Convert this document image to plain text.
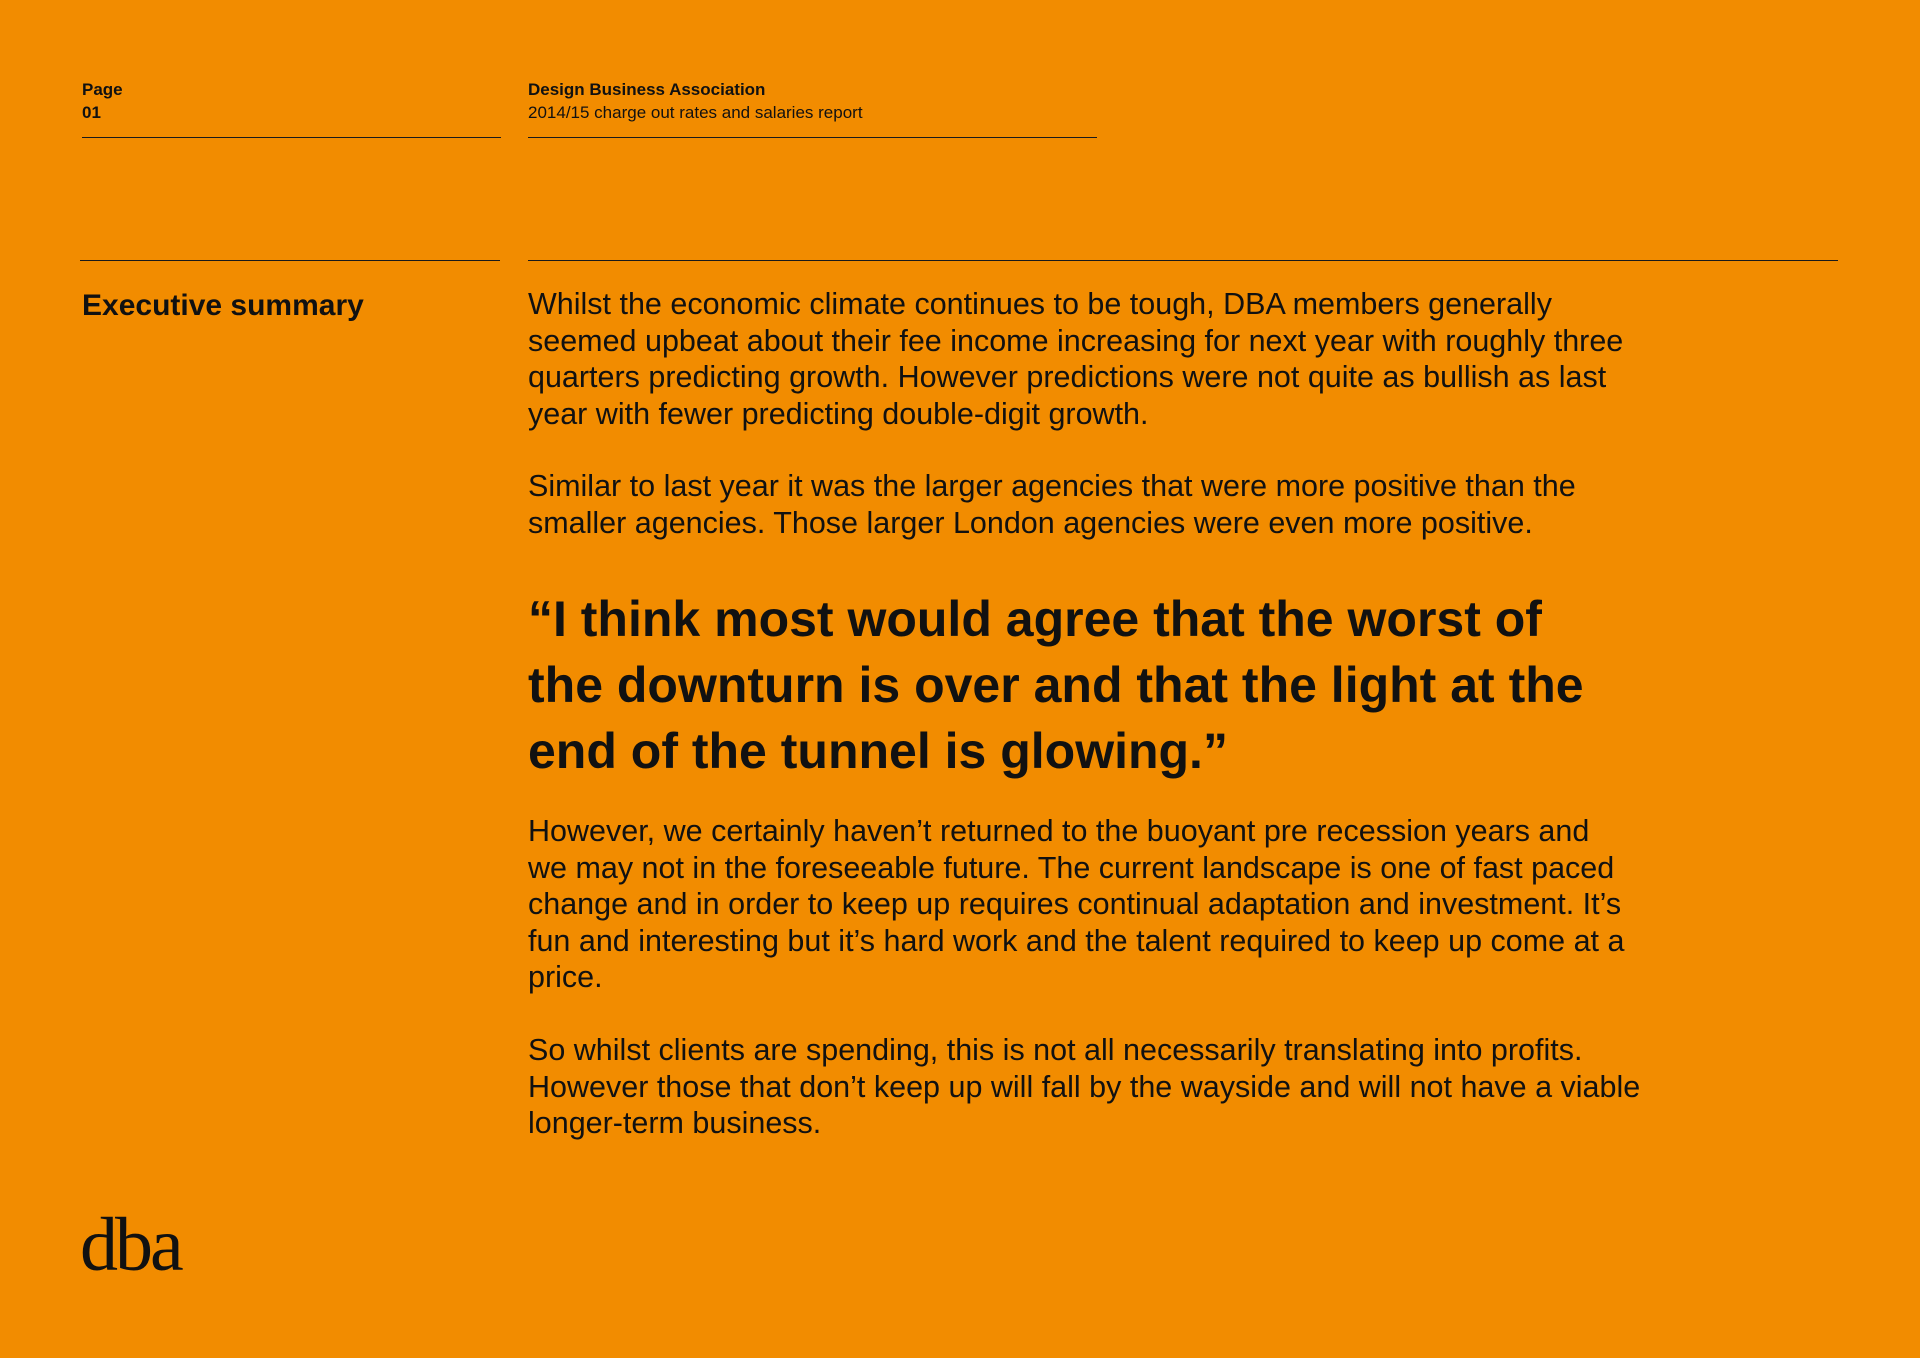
Page
01
Design Business Association
2014/15 charge out rates and salaries report
Executive summary	Whilst the economic climate continues to be tough, DBA members generally
seemed upbeat about their fee income increasing for next year with roughly three
quarters predicting growth. However predictions were not quite as bullish as last
year with fewer predicting double-digit growth.

Similar to last year it was the larger agencies that were more positive than the
smaller agencies. Those larger London agencies were even more positive.

“I think most would agree that the worst of
the downturn is over and that the light at the
end of the tunnel is glowing.”

However, we certainly haven’t returned to the buoyant pre recession years and
we may not in the foreseeable future. The current landscape is one of fast paced
change and in order to keep up requires continual adaptation and investment. It’s
fun and interesting but it’s hard work and the talent required to keep up come at a
price.

So whilst clients are spending, this is not all necessarily translating into profits.
However those that don’t keep up will fall by the wayside and will not have a viable
longer-term business.

dba
